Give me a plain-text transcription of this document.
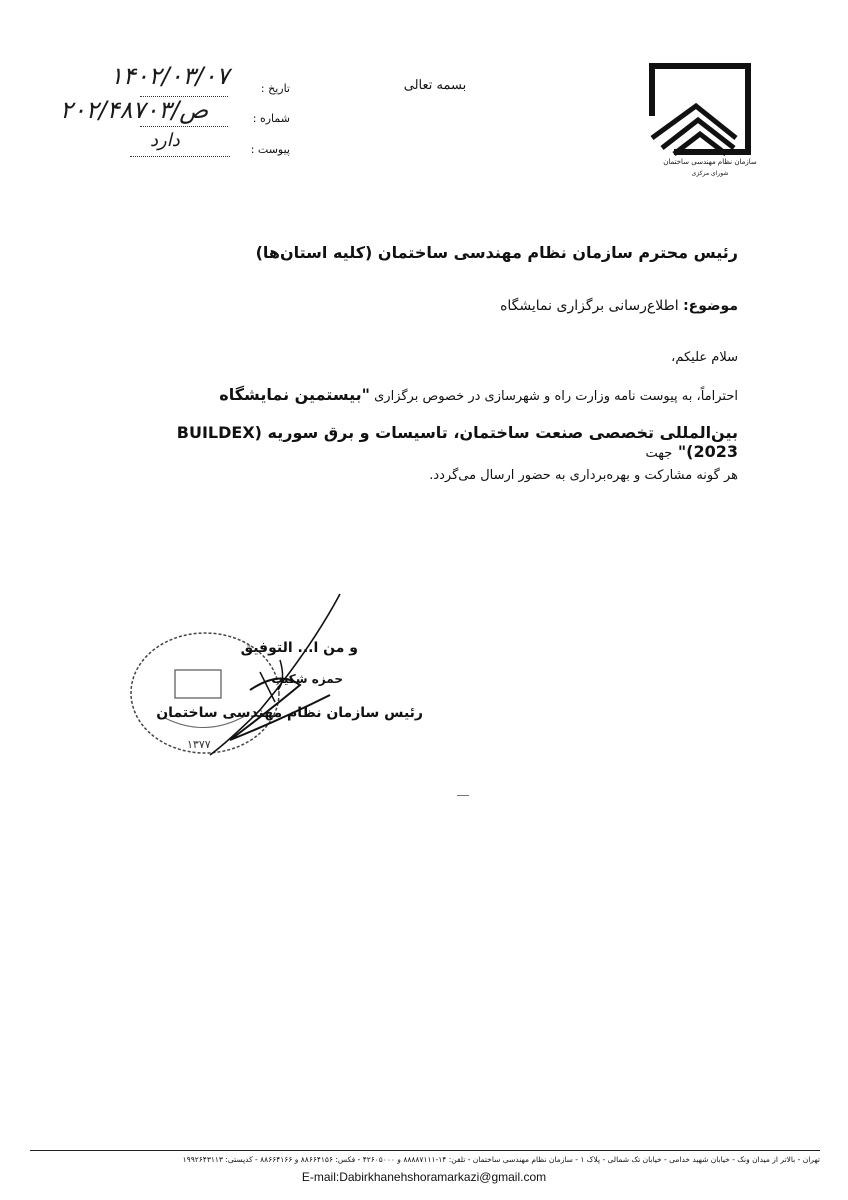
سازمان نظام مهندسی ساختمان
شورای مرکزی
بسمه تعالی
تاریخ :
۱۴۰۲/۰۳/۰۷
شماره :
۲۰۲/۴۸۷۰۳/ص
پیوست :
دارد
رئیس محترم سازمان نظام مهندسی ساختمان (کلیه استان‌ها)
موضوع: اطلاع‌رسانی برگزاری نمایشگاه
سلام علیکم،
احتراماً، به پیوست نامه وزارت راه و شهرسازی در خصوص برگزاری "بیستمین نمایشگاه
بین‌المللی تخصصی صنعت ساختمان، تاسیسات و برق سوریه (BUILDEX 2023)" جهت
هر گونه مشارکت و بهره‌برداری به حضور ارسال می‌گردد.
۱۳۷۷
و من ا... التوفیق
حمزه شکیب
رئیس سازمان نظام مهندسی ساختمان
تهران - بالاتر از میدان ونک - خیابان شهید خدامی - خیابان تک شمالی - پلاک ۱ - سازمان نظام مهندسی ساختمان - تلفن: ۱۴-۸۸۸۸۷۱۱۱ و ۴۲۶۰۵۰۰۰ - فکس: ۸۸۶۶۴۱۵۶ و ۸۸۶۶۴۱۶۶ - کدپستی: ۱۹۹۲۶۴۳۱۱۳
E-mail:Dabirkhanehshoramarkazi@gmail.com
